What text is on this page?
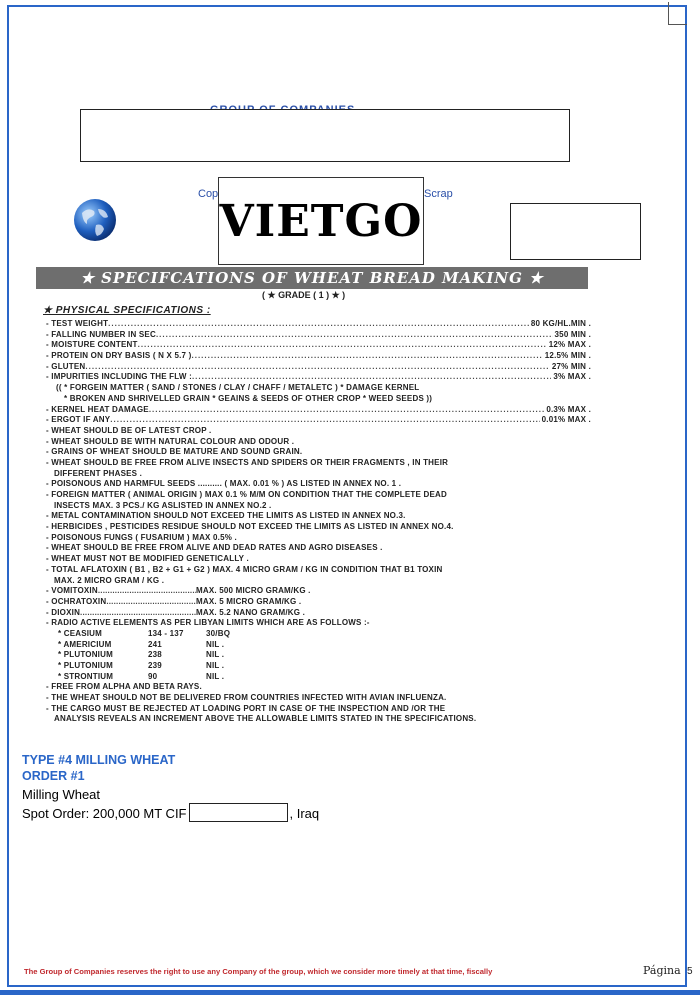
Cop	Scrap
VIETGO
★ SPECIFCATIONS OF WHEAT BREAD MAKING ★
( ★ GRADE ( 1 ) ★ )
★ PHYSICAL SPECIFICATIONS :
- TEST WEIGHT .....	80 KG/HL.MIN .
- FALLING NUMBER IN SEC .....	350 MIN .
- MOISTURE CONTENT .....	12% MAX .
- PROTEIN ON DRY BASIS ( N X 5.7 ) .....	12.5% MIN .
- GLUTEN .....	27% MIN .
- IMPURITIES INCLUDING THE FLW : .....	3% MAX .
(( * FORGEIN MATTER ( SAND / STONES / CLAY / CHAFF / METALETC ) * DAMAGE KERNEL
* BROKEN AND SHRIVELLED GRAIN * GEAINS & SEEDS OF OTHER CROP * WEED SEEDS ))
- KERNEL HEAT DAMAGE .....	0.3% MAX .
- ERGOT IF ANY .....	0.01% MAX .
- WHEAT SHOULD BE OF LATEST CROP .
- WHEAT SHOULD BE WITH NATURAL COLOUR AND ODOUR .
- GRAINS OF WHEAT SHOULD BE MATURE AND SOUND GRAIN.
- WHEAT SHOULD BE FREE FROM ALIVE INSECTS AND SPIDERS OR THEIR FRAGMENTS , IN THEIR
DIFFERENT PHASES .
- POISONOUS AND HARMFUL SEEDS .......... ( MAX. 0.01 % ) AS LISTED IN ANNEX NO. 1 .
- FOREIGN MATTER ( ANIMAL ORIGIN ) MAX 0.1 % M/M ON CONDITION THAT THE COMPLETE DEAD
INSECTS MAX. 3 PCS./ KG ASLISTED IN ANNEX NO.2 .
- METAL CONTAMINATION SHOULD NOT EXCEED THE LIMITS AS LISTED IN ANNEX NO.3.
- HERBICIDES , PESTICIDES RESIDUE SHOULD NOT EXCEED THE LIMITS AS LISTED IN ANNEX NO.4.
- POISONOUS FUNGS ( FUSARIUM ) MAX 0.5% .
- WHEAT SHOULD BE FREE FROM ALIVE AND DEAD RATES AND AGRO DISEASES .
- WHEAT MUST NOT BE MODIFIED GENETICALLY .
- TOTAL AFLATOXIN ( B1 , B2 + G1 + G2 ) MAX. 4 MICRO GRAM / KG IN CONDITION THAT B1 TOXIN
MAX. 2 MICRO GRAM / KG .
- VOMITOXIN .....	MAX. 500 MICRO GRAM/KG .
- OCHRATOXIN .....	MAX. 5 MICRO GRAM/KG .
- DIOXIN .....	MAX. 5.2 NANO GRAM/KG .
- RADIO ACTIVE ELEMENTS AS PER LIBYAN LIMITS WHICH ARE AS FOLLOWS :-
* CEASIUM	134 - 137	30/BQ
* AMERICIUM	241	NIL .
* PLUTONIUM	238	NIL .
* PLUTONIUM	239	NIL .
* STRONTIUM	90	NIL .
- FREE FROM ALPHA AND BETA RAYS.
- THE WHEAT SHOULD NOT BE DELIVERED FROM COUNTRIES INFECTED WITH AVIAN INFLUENZA.
- THE CARGO MUST BE REJECTED AT LOADING PORT IN CASE OF THE INSPECTION AND /OR THE
ANALYSIS REVEALS AN INCREMENT ABOVE THE ALLOWABLE LIMITS STATED IN THE SPECIFICATIONS.
TYPE #4 MILLING WHEAT
ORDER #1
Milling Wheat
Spot Order: 200,000 MT CIF	, Iraq
The Group of Companies reserves the right to use any Company of the group, which we consider more timely at that time, fiscally	Página 5
